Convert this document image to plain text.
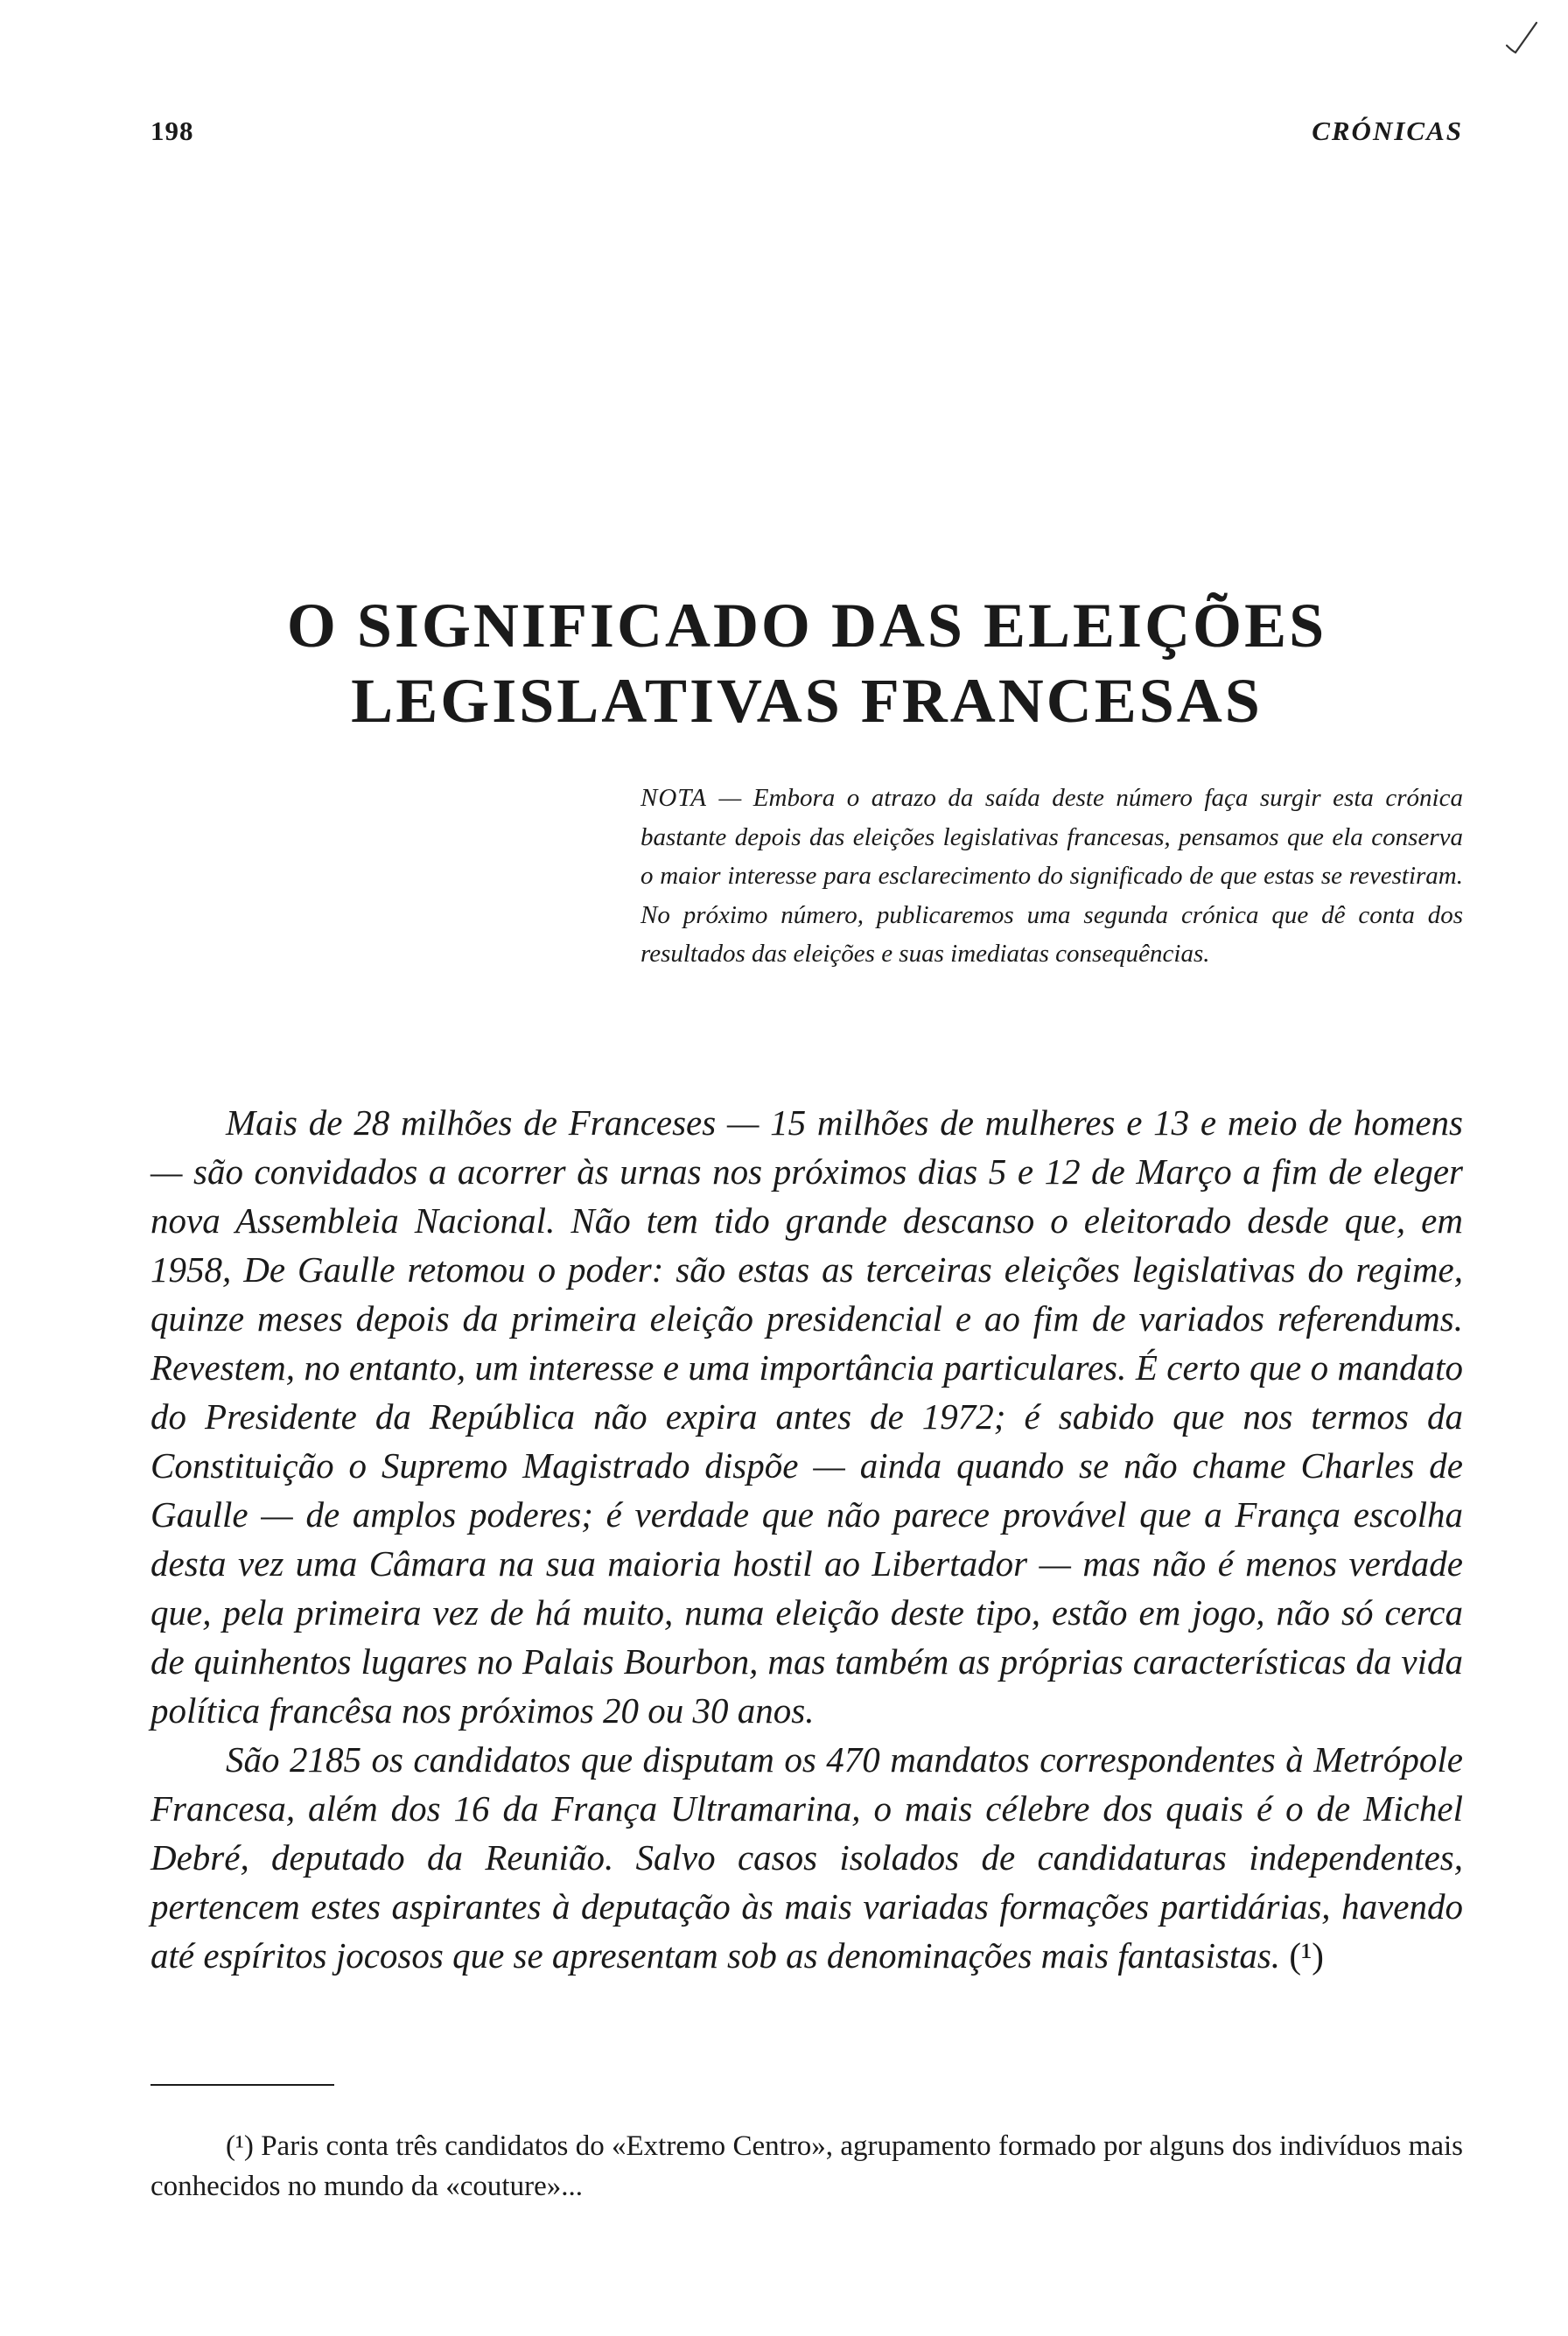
198	CRÓNICAS
O SIGNIFICADO DAS ELEIÇÕES
LEGISLATIVAS FRANCESAS
NOTA — Embora o atrazo da saída deste número faça surgir esta crónica bastante depois das eleições legislativas francesas, pensamos que ela conserva o maior interesse para esclarecimento do significado de que estas se revestiram. No próximo número, publicaremos uma segunda crónica que dê conta dos resultados das eleições e suas imediatas consequências.

Mais de 28 milhões de Franceses — 15 milhões de mulheres e 13 e meio de homens — são convidados a acorrer às urnas nos próximos dias 5 e 12 de Março a fim de eleger nova Assembleia Nacional. Não tem tido grande descanso o eleitorado desde que, em 1958, De Gaulle retomou o poder: são estas as terceiras eleições legislativas do regime, quinze meses depois da primeira eleição presidencial e ao fim de variados referendums. Revestem, no entanto, um interesse e uma importância particulares. É certo que o mandato do Presidente da República não expira antes de 1972; é sabido que nos termos da Constituição o Supremo Magistrado dispõe — ainda quando se não chame Charles de Gaulle — de amplos poderes; é verdade que não parece provável que a França escolha desta vez uma Câmara na sua maioria hostil ao Libertador — mas não é menos verdade que, pela primeira vez de há muito, numa eleição deste tipo, estão em jogo, não só cerca de quinhentos lugares no Palais Bourbon, mas também as próprias características da vida política francêsa nos próximos 20 ou 30 anos.

São 2185 os candidatos que disputam os 470 mandatos correspondentes à Metrópole Francesa, além dos 16 da França Ultramarina, o mais célebre dos quais é o de Michel Debré, deputado da Reunião. Salvo casos isolados de candidaturas independentes, pertencem estes aspirantes à deputação às mais variadas formações partidárias, havendo até espíritos jocosos que se apresentam sob as denominações mais fantasistas. (¹)

(¹) Paris conta três candidatos do «Extremo Centro», agrupamento formado por alguns dos indivíduos mais conhecidos no mundo da «couture»...
